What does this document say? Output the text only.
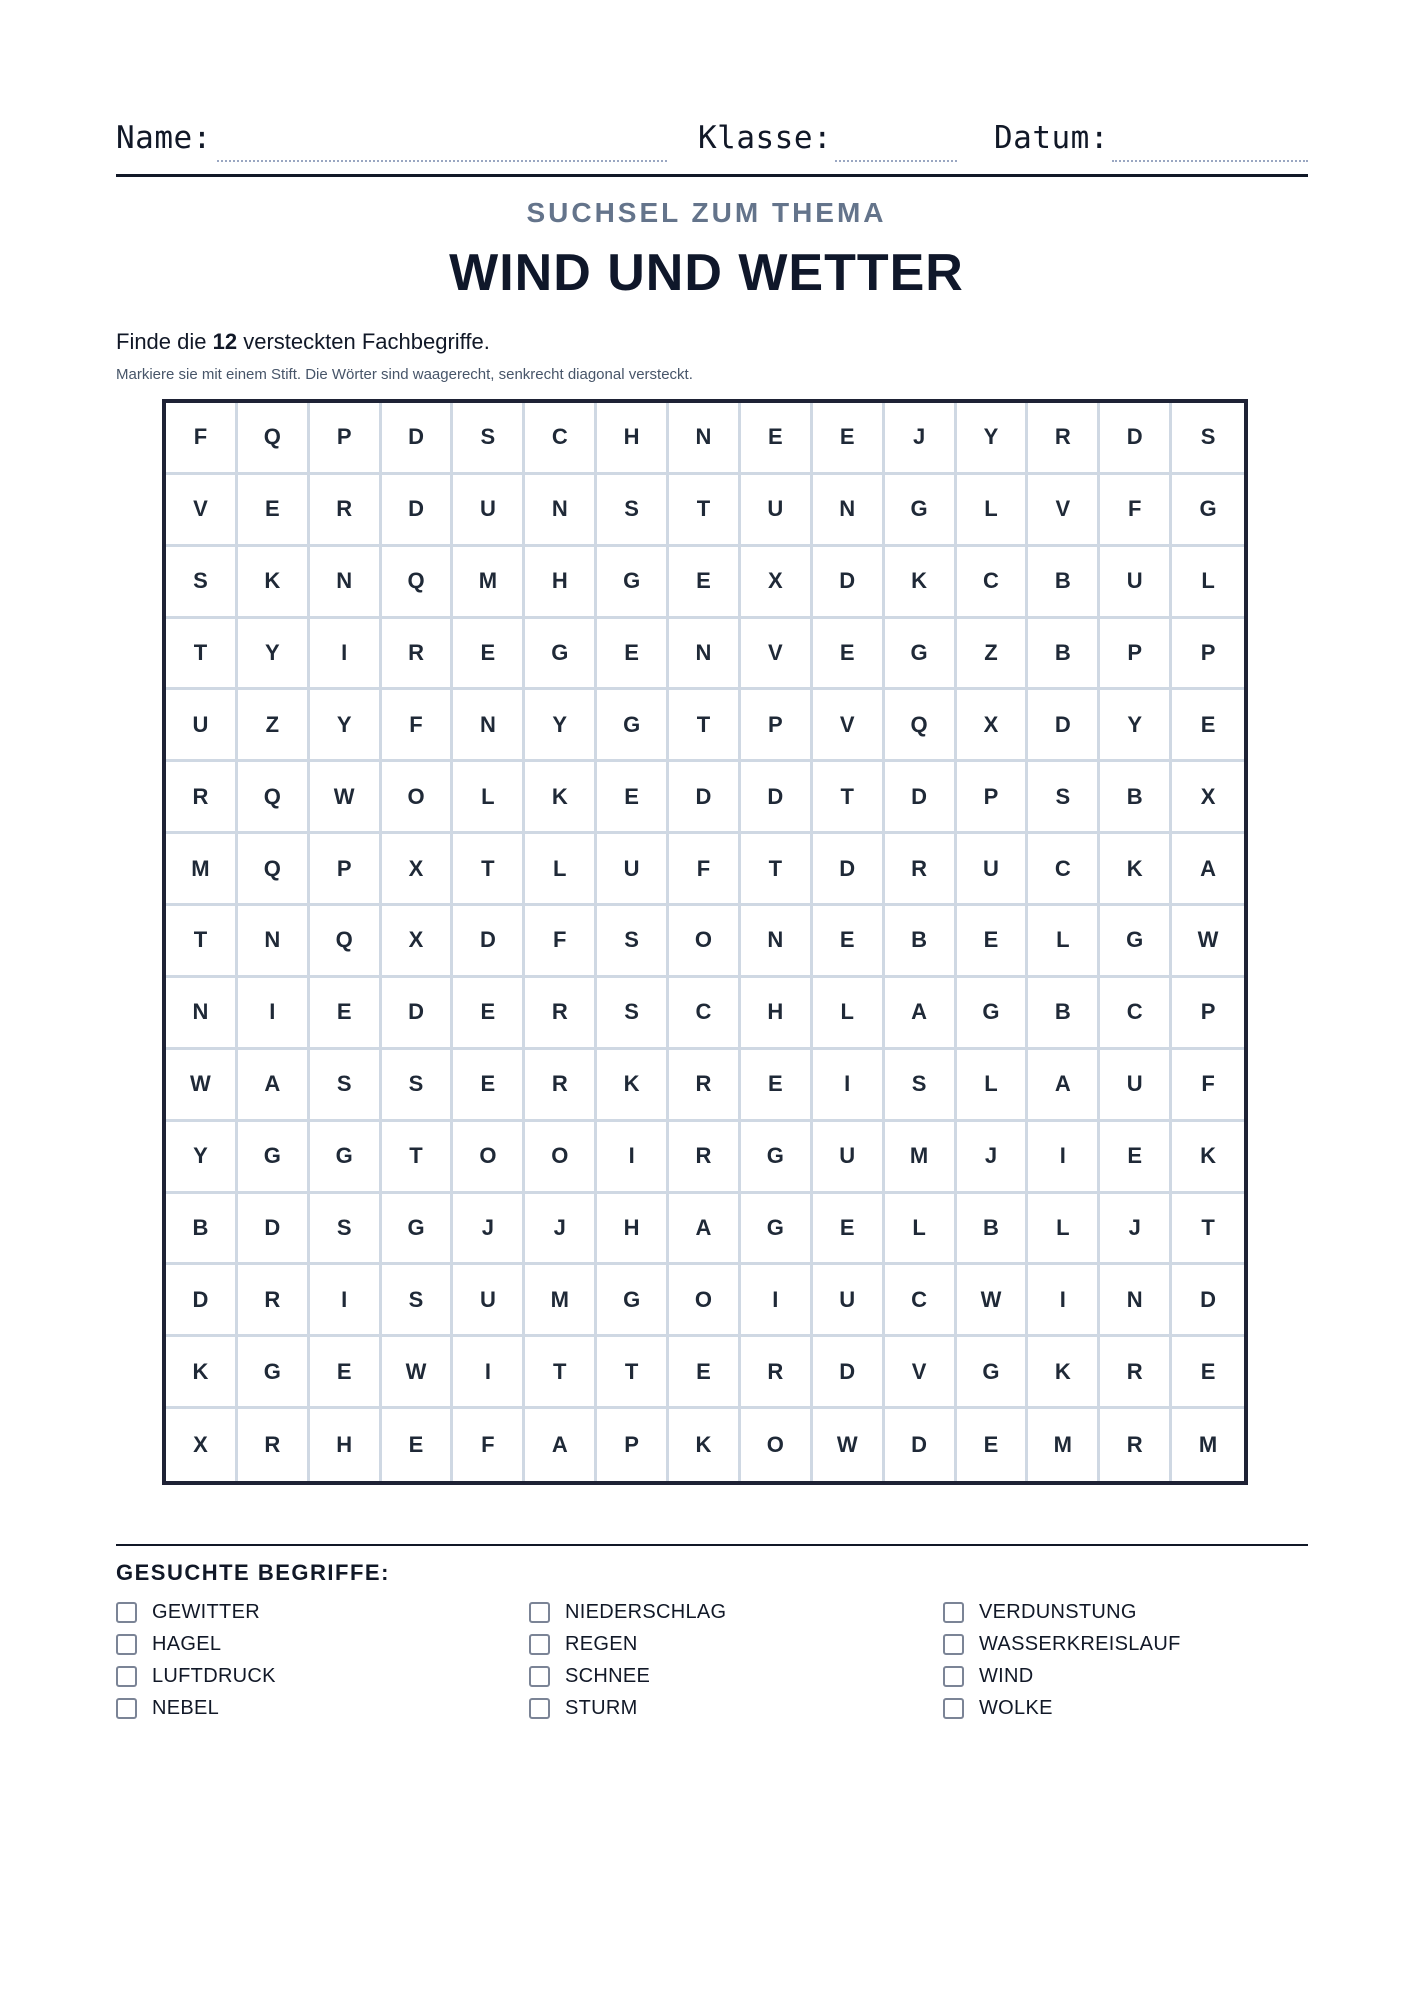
Name:	Klasse:	Datum:
SUCHSEL ZUM THEMA
WIND UND WETTER
Finde die 12 versteckten Fachbegriffe.
Markiere sie mit einem Stift. Die Wörter sind waagerecht, senkrecht diagonal versteckt.
F	Q	P	D	S	C	H	N	E	E	J	Y	R	D	S
V	E	R	D	U	N	S	T	U	N	G	L	V	F	G
S	K	N	Q	M	H	G	E	X	D	K	C	B	U	L
T	Y	I	R	E	G	E	N	V	E	G	Z	B	P	P
U	Z	Y	F	N	Y	G	T	P	V	Q	X	D	Y	E
R	Q	W	O	L	K	E	D	D	T	D	P	S	B	X
M	Q	P	X	T	L	U	F	T	D	R	U	C	K	A
T	N	Q	X	D	F	S	O	N	E	B	E	L	G	W
N	I	E	D	E	R	S	C	H	L	A	G	B	C	P
W	A	S	S	E	R	K	R	E	I	S	L	A	U	F
Y	G	G	T	O	O	I	R	G	U	M	J	I	E	K
B	D	S	G	J	J	H	A	G	E	L	B	L	J	T
D	R	I	S	U	M	G	O	I	U	C	W	I	N	D
K	G	E	W	I	T	T	E	R	D	V	G	K	R	E
X	R	H	E	F	A	P	K	O	W	D	E	M	R	M
GESUCHTE BEGRIFFE:
GEWITTER
HAGEL
LUFTDRUCK
NEBEL
NIEDERSCHLAG
REGEN
SCHNEE
STURM
VERDUNSTUNG
WASSERKREISLAUF
WIND
WOLKE
